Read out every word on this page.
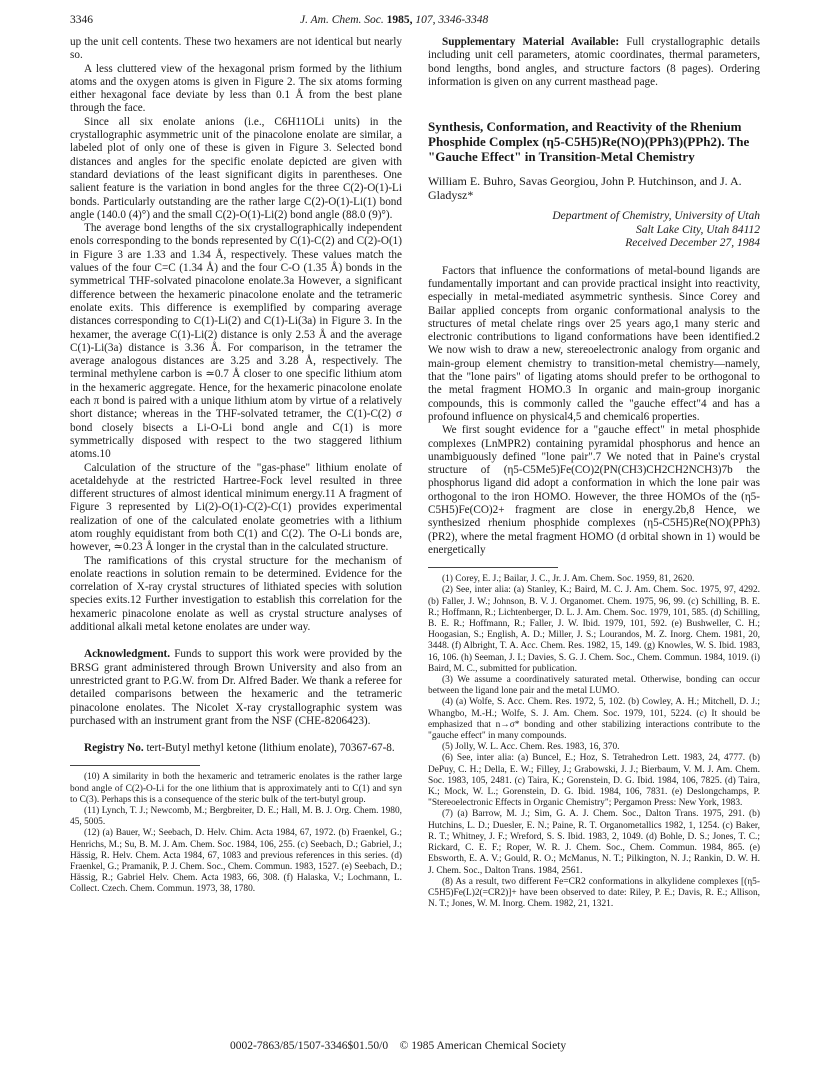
3346	J. Am. Chem. Soc. 1985, 107, 3346-3348

up the unit cell contents. These two hexamers are not identical but nearly so.

A less cluttered view of the hexagonal prism formed by the lithium atoms and the oxygen atoms is given in Figure 2. The six atoms forming either hexagonal face deviate by less than 0.1 Å from the best plane through the face.

Since all six enolate anions (i.e., C6H11OLi units) in the crystallographic asymmetric unit of the pinacolone enolate are similar, a labeled plot of only one of these is given in Figure 3. Selected bond distances and angles for the specific enolate depicted are given with standard deviations of the least significant digits in parentheses. One salient feature is the variation in bond angles for the three C(2)-O(1)-Li bonds. Particularly outstanding are the rather large C(2)-O(1)-Li(1) bond angle (140.0 (4)°) and the small C(2)-O(1)-Li(2) bond angle (88.0 (9)°).

The average bond lengths of the six crystallographically independent enols corresponding to the bonds represented by C(1)-C(2) and C(2)-O(1) in Figure 3 are 1.33 and 1.34 Å, respectively. These values match the values of the four C=C (1.34 Å) and the four C-O (1.35 Å) bonds in the symmetrical THF-solvated pinacolone enolate.3a However, a significant difference between the hexameric pinacolone enolate and the tetrameric enolate exits. This difference is exemplified by comparing average distances corresponding to C(1)-Li(2) and C(1)-Li(3a) in Figure 3. In the hexamer, the average C(1)-Li(2) distance is only 2.53 Å and the average C(1)-Li(3a) distance is 3.36 Å. For comparison, in the tetramer the average analogous distances are 3.25 and 3.28 Å, respectively. The terminal methylene carbon is ≃0.7 Å closer to one specific lithium atom in the hexameric aggregate. Hence, for the hexameric pinacolone enolate each π bond is paired with a unique lithium atom by virtue of a relatively short distance; whereas in the THF-solvated tetramer, the C(1)-C(2) σ bond closely bisects a Li-O-Li bond angle and C(1) is more symmetrically disposed with respect to the two staggered lithium atoms.10

Calculation of the structure of the "gas-phase" lithium enolate of acetaldehyde at the restricted Hartree-Fock level resulted in three different structures of almost identical minimum energy.11 A fragment of Figure 3 represented by Li(2)-O(1)-C(2)-C(1) provides experimental realization of one of the calculated enolate geometries with a lithium atom roughly equidistant from both C(1) and C(2). The O-Li bonds are, however, ≃0.23 Å longer in the crystal than in the calculated structure.

The ramifications of this crystal structure for the mechanism of enolate reactions in solution remain to be determined. Evidence for the correlation of X-ray crystal structures of lithiated species with solution species exits.12 Further investigation to establish this correlation for the hexameric pinacolone enolate as well as crystal structure analyses of additional alkali metal ketone enolates are under way.

Acknowledgment. Funds to support this work were provided by the BRSG grant administered through Brown University and also from an unrestricted grant to P.G.W. from Dr. Alfred Bader. We thank a referee for detailed comparisons between the hexameric and the tetrameric pinacolone enolates. The Nicolet X-ray crystallographic system was purchased with an instrument grant from the NSF (CHE-8206423).

Registry No. tert-Butyl methyl ketone (lithium enolate), 70367-67-8.

(10) A similarity in both the hexameric and tetrameric enolates is the rather large bond angle of C(2)-O-Li for the one lithium that is approximately anti to C(1) and syn to C(3). Perhaps this is a consequence of the steric bulk of the tert-butyl group.

(11) Lynch, T. J.; Newcomb, M.; Bergbreiter, D. E.; Hall, M. B. J. Org. Chem. 1980, 45, 5005.

(12) (a) Bauer, W.; Seebach, D. Helv. Chim. Acta 1984, 67, 1972. (b) Fraenkel, G.; Henrichs, M.; Su, B. M. J. Am. Chem. Soc. 1984, 106, 255. (c) Seebach, D.; Gabriel, J.; Hässig, R. Helv. Chem. Acta 1984, 67, 1083 and previous references in this series. (d) Fraenkel, G.; Pramanik, P. J. Chem. Soc., Chem. Commun. 1983, 1527. (e) Seebach, D.; Hässig, R.; Gabriel Helv. Chem. Acta 1983, 66, 308. (f) Halaska, V.; Lochmann, L. Collect. Czech. Chem. Commun. 1973, 38, 1780.

Supplementary Material Available: Full crystallographic details including unit cell parameters, atomic coordinates, thermal parameters, bond lengths, bond angles, and structure factors (8 pages). Ordering information is given on any current masthead page.

Synthesis, Conformation, and Reactivity of the Rhenium Phosphide Complex (η5-C5H5)Re(NO)(PPh3)(PPh2). The "Gauche Effect" in Transition-Metal Chemistry
William E. Buhro, Savas Georgiou, John P. Hutchinson, and J. A. Gladysz*
Department of Chemistry, University of Utah
Salt Lake City, Utah 84112
Received December 27, 1984

Factors that influence the conformations of metal-bound ligands are fundamentally important and can provide practical insight into reactivity, especially in metal-mediated asymmetric synthesis. Since Corey and Bailar applied concepts from organic conformational analysis to the structures of metal chelate rings over 25 years ago,1 many steric and electronic contributions to ligand conformations have been identified.2 We now wish to draw a new, stereoelectronic analogy from organic and main-group element chemistry to transition-metal chemistry—namely, that the "lone pairs" of ligating atoms should prefer to be orthogonal to the metal fragment HOMO.3 In organic and main-group inorganic compounds, this is commonly called the "gauche effect"4 and has a profound influence on physical4,5 and chemical6 properties.

We first sought evidence for a "gauche effect" in metal phosphide complexes (LnMPR2) containing pyramidal phosphorus and hence an unambiguously defined "lone pair".7 We noted that in Paine's crystal structure of (η5-C5Me5)Fe(CO)2(PN(CH3)CH2CH2NCH3)7b the phosphorus ligand did adopt a conformation in which the lone pair was orthogonal to the iron HOMO. However, the three HOMOs of the (η5-C5H5)Fe(CO)2+ fragment are close in energy.2b,8 Hence, we synthesized rhenium phosphide complexes (η5-C5H5)Re(NO)(PPh3)(PR2), where the metal fragment HOMO (d orbital shown in 1) would be energetically

(1) Corey, E. J.; Bailar, J. C., Jr. J. Am. Chem. Soc. 1959, 81, 2620.

(2) See, inter alia: (a) Stanley, K.; Baird, M. C. J. Am. Chem. Soc. 1975, 97, 4292. (b) Faller, J. W.; Johnson, B. V. J. Organomet. Chem. 1975, 96, 99. (c) Schilling, B. E. R.; Hoffmann, R.; Lichtenberger, D. L. J. Am. Chem. Soc. 1979, 101, 585. (d) Schilling, B. E. R.; Hoffmann, R.; Faller, J. W. Ibid. 1979, 101, 592. (e) Bushweller, C. H.; Hoogasian, S.; English, A. D.; Miller, J. S.; Lourandos, M. Z. Inorg. Chem. 1981, 20, 3448. (f) Albright, T. A. Acc. Chem. Res. 1982, 15, 149. (g) Knowles, W. S. Ibid. 1983, 16, 106. (h) Seeman, J. I.; Davies, S. G. J. Chem. Soc., Chem. Commun. 1984, 1019. (i) Baird, M. C., submitted for publication.

(3) We assume a coordinatively saturated metal. Otherwise, bonding can occur between the ligand lone pair and the metal LUMO.

(4) (a) Wolfe, S. Acc. Chem. Res. 1972, 5, 102. (b) Cowley, A. H.; Mitchell, D. J.; Whangbo, M.-H.; Wolfe, S. J. Am. Chem. Soc. 1979, 101, 5224. (c) It should be emphasized that n→σ* bonding and other stabilizing interactions contribute to the "gauche effect" in many compounds.

(5) Jolly, W. L. Acc. Chem. Res. 1983, 16, 370.

(6) See, inter alia: (a) Buncel, E.; Hoz, S. Tetrahedron Lett. 1983, 24, 4777. (b) DePuy, C. H.; Della, E. W.; Filley, J.; Grabowski, J. J.; Bierbaum, V. M. J. Am. Chem. Soc. 1983, 105, 2481. (c) Taira, K.; Gorenstein, D. G. Ibid. 1984, 106, 7825. (d) Taira, K.; Mock, W. L.; Gorenstein, D. G. Ibid. 1984, 106, 7831. (e) Deslongchamps, P. "Stereoelectronic Effects in Organic Chemistry"; Pergamon Press: New York, 1983.

(7) (a) Barrow, M. J.; Sim, G. A. J. Chem. Soc., Dalton Trans. 1975, 291. (b) Hutchins, L. D.; Duesler, E. N.; Paine, R. T. Organometallics 1982, 1, 1254. (c) Baker, R. T.; Whitney, J. F.; Wreford, S. S. Ibid. 1983, 2, 1049. (d) Bohle, D. S.; Jones, T. C.; Rickard, C. E. F.; Roper, W. R. J. Chem. Soc., Chem. Commun. 1984, 865. (e) Ebsworth, E. A. V.; Gould, R. O.; McManus, N. T.; Pilkington, N. J.; Rankin, D. W. H. J. Chem. Soc., Dalton Trans. 1984, 2561.

(8) As a result, two different Fe=CR2 conformations in alkylidene complexes [(η5-C5H5)Fe(L)2(=CR2)]+ have been observed to date: Riley, P. E.; Davis, R. E.; Allison, N. T.; Jones, W. M. Inorg. Chem. 1982, 21, 1321.

0002-7863/85/1507-3346$01.50/0 © 1985 American Chemical Society
